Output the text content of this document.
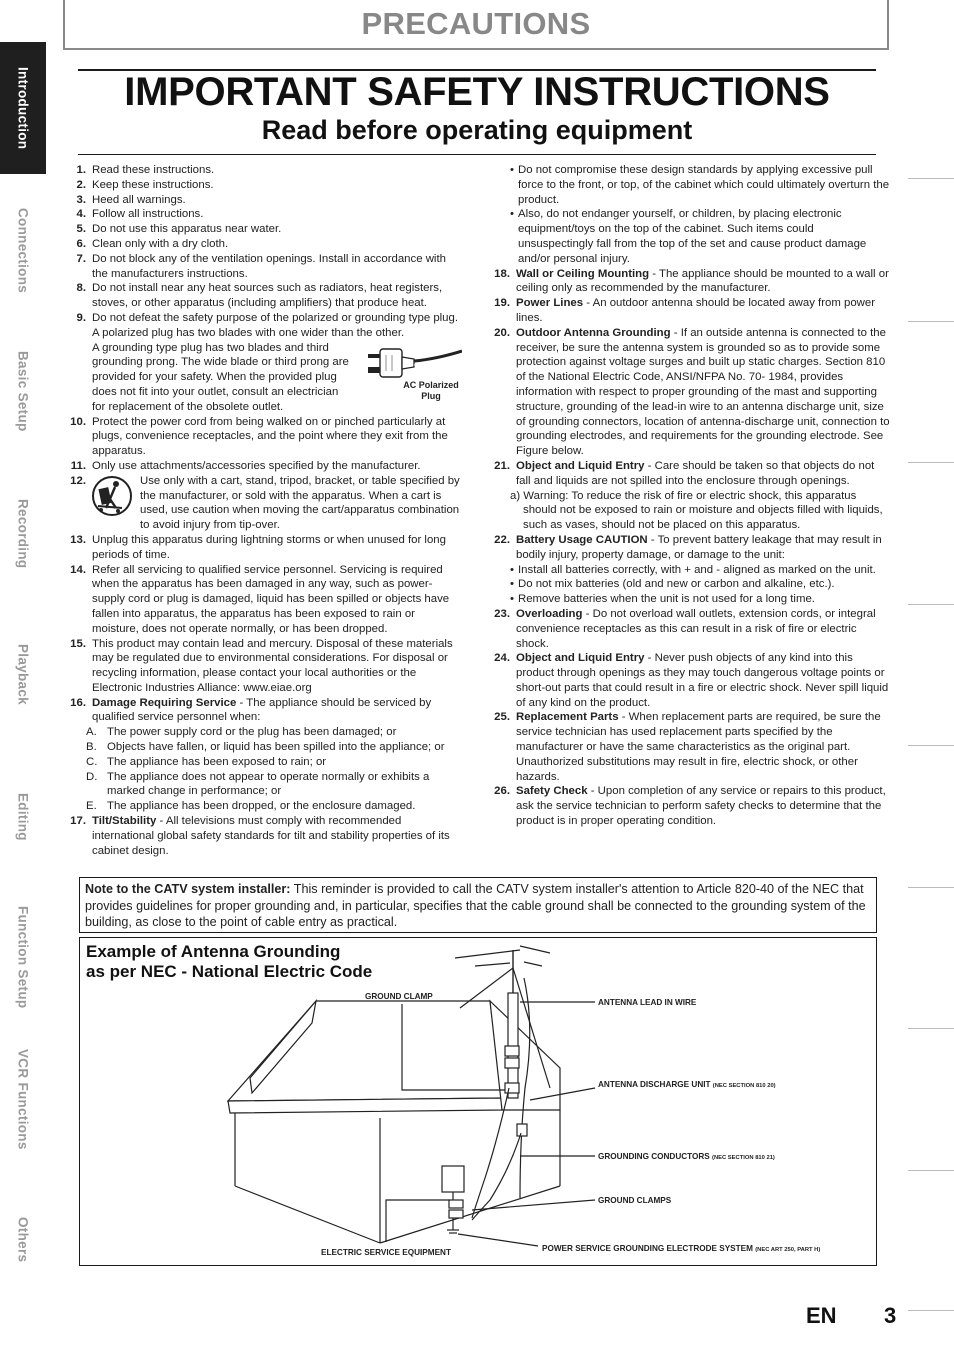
PRECAUTIONS
IMPORTANT SAFETY INSTRUCTIONS
Read before operating equipment
1. Read these instructions.
2. Keep these instructions.
3. Heed all warnings.
4. Follow all instructions.
5. Do not use this apparatus near water.
6. Clean only with a dry cloth.
7. Do not block any of the ventilation openings. Install in accordance with the manufacturers instructions.
8. Do not install near any heat sources such as radiators, heat registers, stoves, or other apparatus (including amplifiers) that produce heat.
9. Do not defeat the safety purpose of the polarized or grounding type plug. A polarized plug has two blades with one wider than the other.
A grounding type plug has two blades and third grounding prong. The wide blade or third prong are provided for your safety. When the provided plug does not fit into your outlet, consult an electrician for replacement of the obsolete outlet.
AC Polarized
Plug
10. Protect the power cord from being walked on or pinched particularly at plugs, convenience receptacles, and the point where they exit from the apparatus.
11. Only use attachments/accessories specified by the manufacturer.
12.	Use only with a cart, stand, tripod, bracket, or table specified by the manufacturer, or sold with the apparatus. When a cart is used, use caution when moving the cart/apparatus combination to avoid injury from tip-over.
13. Unplug this apparatus during lightning storms or when unused for long periods of time.
14. Refer all servicing to qualified service personnel. Servicing is required when the apparatus has been damaged in any way, such as power-supply cord or plug is damaged, liquid has been spilled or objects have fallen into apparatus, the apparatus has been exposed to rain or moisture, does not operate normally, or has been dropped.
15. This product may contain lead and mercury. Disposal of these materials may be regulated due to environmental considerations. For disposal or recycling information, please contact your local authorities or the Electronic Industries Alliance: www.eiae.org
16. Damage Requiring Service - The appliance should be serviced by qualified service personnel when:
A. The power supply cord or the plug has been damaged; or
B. Objects have fallen, or liquid has been spilled into the appliance; or
C. The appliance has been exposed to rain; or
D. The appliance does not appear to operate normally or exhibits a marked change in performance; or
E. The appliance has been dropped, or the enclosure damaged.
17. Tilt/Stability - All televisions must comply with recommended international global safety standards for tilt and stability properties of its cabinet design.
• Do not compromise these design standards by applying excessive pull force to the front, or top, of the cabinet which could ultimately overturn the product.
• Also, do not endanger yourself, or children, by placing electronic equipment/toys on the top of the cabinet. Such items could unsuspectingly fall from the top of the set and cause product damage and/or personal injury.
18. Wall or Ceiling Mounting - The appliance should be mounted to a wall or ceiling only as recommended by the manufacturer.
19. Power Lines - An outdoor antenna should be located away from power lines.
20. Outdoor Antenna Grounding - If an outside antenna is connected to the receiver, be sure the antenna system is grounded so as to provide some protection against voltage surges and built up static charges. Section 810 of the National Electric Code, ANSI/NFPA No. 70- 1984, provides information with respect to proper grounding of the mast and supporting structure, grounding of the lead-in wire to an antenna discharge unit, size of grounding connectors, location of antenna-discharge unit, connection to grounding electrodes, and requirements for the grounding electrode. See Figure below.
21. Object and Liquid Entry - Care should be taken so that objects do not fall and liquids are not spilled into the enclosure through openings.
a) Warning: To reduce the risk of fire or electric shock, this apparatus
should not be exposed to rain or moisture and objects filled with liquids, such as vases, should not be placed on this apparatus.
22. Battery Usage CAUTION - To prevent battery leakage that may result in bodily injury, property damage, or damage to the unit:
• Install all batteries correctly, with + and - aligned as marked on the unit.
• Do not mix batteries (old and new or carbon and alkaline, etc.).
• Remove batteries when the unit is not used for a long time.
23. Overloading - Do not overload wall outlets, extension cords, or integral convenience receptacles as this can result in a risk of fire or electric shock.
24. Object and Liquid Entry - Never push objects of any kind into this product through openings as they may touch dangerous voltage points or short-out parts that could result in a fire or electric shock. Never spill liquid of any kind on the product.
25. Replacement Parts - When replacement parts are required, be sure the service technician has used replacement parts specified by the manufacturer or have the same characteristics as the original part. Unauthorized substitutions may result in fire, electric shock, or other hazards.
26. Safety Check - Upon completion of any service or repairs to this product, ask the service technician to perform safety checks to determine that the product is in proper operating condition.
Note to the CATV system installer: This reminder is provided to call the CATV system installer's attention to Article 820-40 of the NEC that provides guidelines for proper grounding and, in particular, specifies that the cable ground shall be connected to the grounding system of the building, as close to the point of cable entry as practical.
Example of Antenna Grounding
as per NEC - National Electric Code
GROUND CLAMP
ANTENNA LEAD IN WIRE
ANTENNA DISCHARGE UNIT (NEC SECTION 810 20)
GROUNDING CONDUCTORS (NEC SECTION 810 21)
GROUND CLAMPS
ELECTRIC SERVICE EQUIPMENT	POWER SERVICE GROUNDING ELECTRODE SYSTEM (NEC ART 250, PART H)
Introduction
Connections
Basic Setup
Recording
Playback
Editing
Function Setup
VCR Functions
Others
EN 3
